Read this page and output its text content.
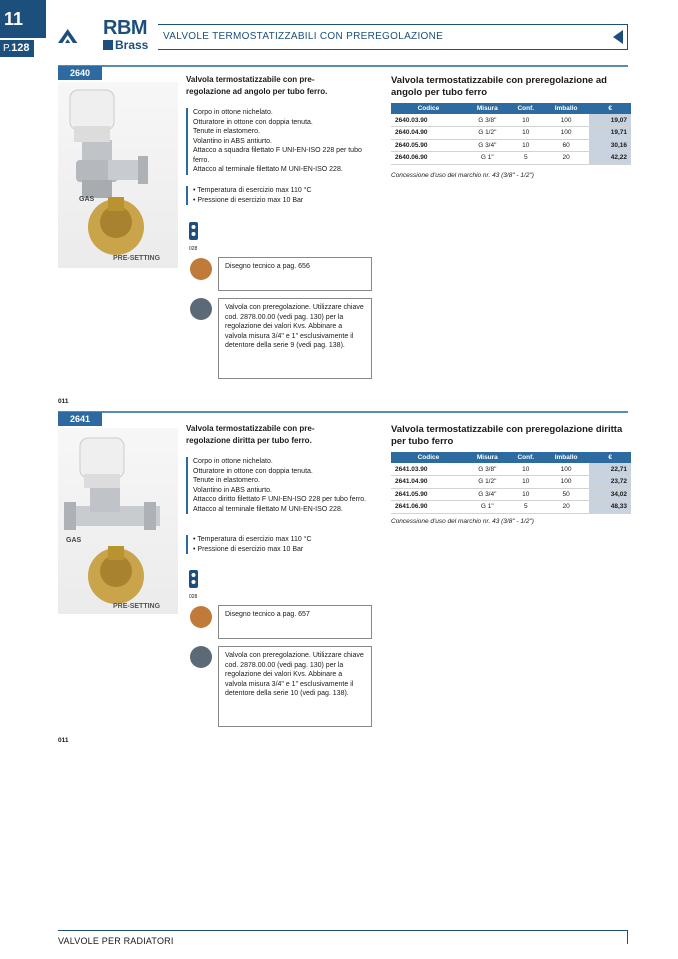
11
P.128
RBM
Brass
VALVOLE TERMOSTATIZZABILI CON PREREGOLAZIONE
2640
GAS
PRE-SETTING
Valvola termostatizzabile con pre-regolazione ad angolo per tubo ferro.
Corpo in ottone nichelato.
Otturatore in ottone con doppia tenuta.
Tenute in elastomero.
Volantino in ABS antiurto.
Attacco a squadra filettato F UNI-EN-ISO 228 per tubo ferro.
Attacco al terminale filettato M UNI-EN-ISO 228.
• Temperatura di esercizio max 110 °C
• Pressione di esercizio max 10 Bar
028
Disegno tecnico a pag. 656
Valvola con preregolazione. Utilizzare chiave cod. 2878.00.00 (vedi pag. 130) per la regolazione dei valori Kvs. Abbinare a valvola misura 3/4" e 1" esclusivamente il detentore della serie 9 (vedi pag. 138).
Valvola termostatizzabile con preregolazione ad angolo per tubo ferro
Codice	Misura	Conf.	Imballo	€
2640.03.90	G 3/8"	10	100	19,07
2640.04.90	G 1/2"	10	100	19,71
2640.05.90	G 3/4"	10	60	30,16
2640.06.90	G 1"	5	20	42,22
Concessione d'uso del marchio nr. 43 (3/8" - 1/2")
011
2641
GAS
PRE-SETTING
Valvola termostatizzabile con pre-regolazione diritta per tubo ferro.
Corpo in ottone nichelato.
Otturatore in ottone con doppia tenuta.
Tenute in elastomero.
Volantino in ABS antiurto.
Attacco diritto filettato F UNI-EN-ISO 228 per tubo ferro.
Attacco al terminale filettato M UNI-EN-ISO 228.
• Temperatura di esercizio max 110 °C
• Pressione di esercizio max 10 Bar
028
Disegno tecnico a pag. 657
Valvola con preregolazione. Utilizzare chiave cod. 2878.00.00 (vedi pag. 130) per la regolazione dei valori Kvs. Abbinare a valvola misura 3/4" e 1" esclusivamente il detentore della serie 10 (vedi pag. 138).
Valvola termostatizzabile con preregolazione diritta per tubo ferro
Codice	Misura	Conf.	Imballo	€
2641.03.90	G 3/8"	10	100	22,71
2641.04.90	G 1/2"	10	100	23,72
2641.05.90	G 3/4"	10	50	34,02
2641.06.90	G 1"	5	20	48,33
Concessione d'uso del marchio nr. 43 (3/8" - 1/2")
011
VALVOLE PER RADIATORI
